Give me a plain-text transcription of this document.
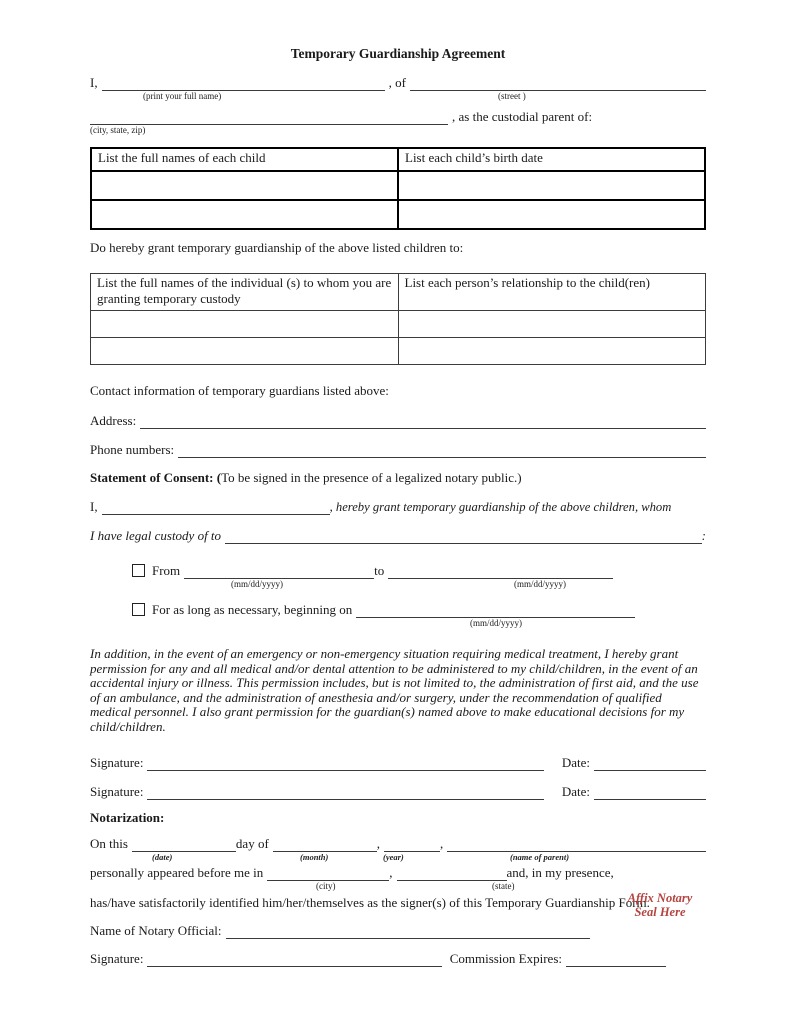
Temporary Guardianship Agreement
I,	, of
(print your full name)	(street )
, as the custodial parent of:
(city, state, zip)
List the full names of each child	List each child’s birth date

Do hereby grant temporary guardianship of the above listed children to:
List the full names of the individual (s) to whom you are granting temporary custody	List each person’s relationship to the child(ren)

Contact information of temporary guardians listed above:
Address:
Phone numbers:
Statement of Consent: (To be signed in the presence of a legalized notary public.)
I,	, hereby grant temporary guardianship of the above children, whom
I have legal custody of to	:
From	to
(mm/dd/yyyy)	(mm/dd/yyyy)
For as long as necessary, beginning on
(mm/dd/yyyy)

In addition, in the event of an emergency or non-emergency situation requiring medical treatment, I hereby grant permission for any and all medical and/or dental attention to be administered to my child/children, in the event of an accidental injury or illness. This permission includes, but is not limited to, the administration of first aid, and the use of an ambulance, and the administration of anesthesia and/or surgery, under the recommendation of qualified medical personnel. I also grant permission for the guardian(s) named above to make educational decisions for my child/children.

Signature:	Date:
Signature:	Date:
Notarization:
On this	day of	,	,
(date)	(month)	(year)	(name of parent)
personally appeared before me in	,	and, in my presence,
(city)	(state)
has/have satisfactorily identified him/her/themselves as the signer(s) of this Temporary Guardianship Form.
Name of Notary Official:
Affix Notary
Seal Here
Signature:	Commission Expires:
